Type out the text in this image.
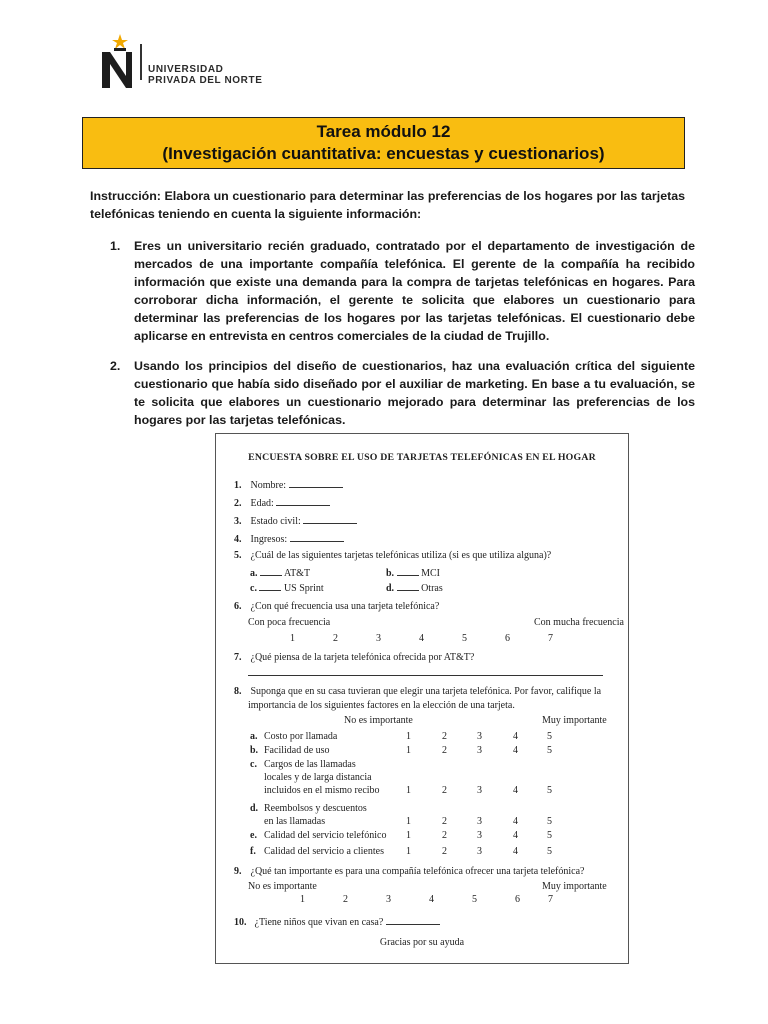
UNIVERSIDAD
PRIVADA DEL NORTE
Tarea módulo 12
(Investigación cuantitativa: encuestas y cuestionarios)
Instrucción: Elabora un cuestionario para determinar las preferencias de los hogares por las tarjetas telefónicas teniendo en cuenta la siguiente información:
1. Eres un universitario recién graduado, contratado por el departamento de investigación de mercados de una importante compañía telefónica. El gerente de la compañía ha recibido información que existe una demanda para la compra de tarjetas telefónicas en hogares. Para corroborar dicha información, el gerente te solicita que elabores un cuestionario para determinar las preferencias de los hogares por las tarjetas telefónicas. El cuestionario debe aplicarse en entrevista en centros comerciales de la ciudad de Trujillo.
2. Usando los principios del diseño de cuestionarios, haz una evaluación crítica del siguiente cuestionario que había sido diseñado por el auxiliar de marketing. En base a tu evaluación, se te solicita que elabores un cuestionario mejorado para determinar las preferencias de los hogares por las tarjetas telefónicas.
ENCUESTA SOBRE EL USO DE TARJETAS TELEFÓNICAS EN EL HOGAR
1. Nombre:
2. Edad:
3. Estado civil:
4. Ingresos:
5. ¿Cuál de las siguientes tarjetas telefónicas utiliza (si es que utiliza alguna)?
a.	AT&T	b.	MCI
c.	US Sprint	d.	Otras
6. ¿Con qué frecuencia usa una tarjeta telefónica?
Con poca frecuencia	Con mucha frecuencia
1	2	3	4	5	6	7
7. ¿Qué piensa de la tarjeta telefónica ofrecida por AT&T?
8. Suponga que en su casa tuvieran que elegir una tarjeta telefónica. Por favor, califique la
importancia de los siguientes factores en la elección de una tarjeta.
No es importante	Muy importante
a. Costo por llamada	1	2	3	4	5
b. Facilidad de uso	1	2	3	4	5
c. Cargos de las llamadas
locales y de larga distancia
incluidos en el mismo recibo	1	2	3	4	5
d. Reembolsos y descuentos
en las llamadas	1	2	3	4	5
e. Calidad del servicio telefónico 1	2	3	4	5
f. Calidad del servicio a clientes 1	2	3	4	5
9. ¿Qué tan importante es para una compañía telefónica ofrecer una tarjeta telefónica?
No es importante	Muy importante
1	2	3	4	5	6	7
10. ¿Tiene niños que vivan en casa?
Gracias por su ayuda
